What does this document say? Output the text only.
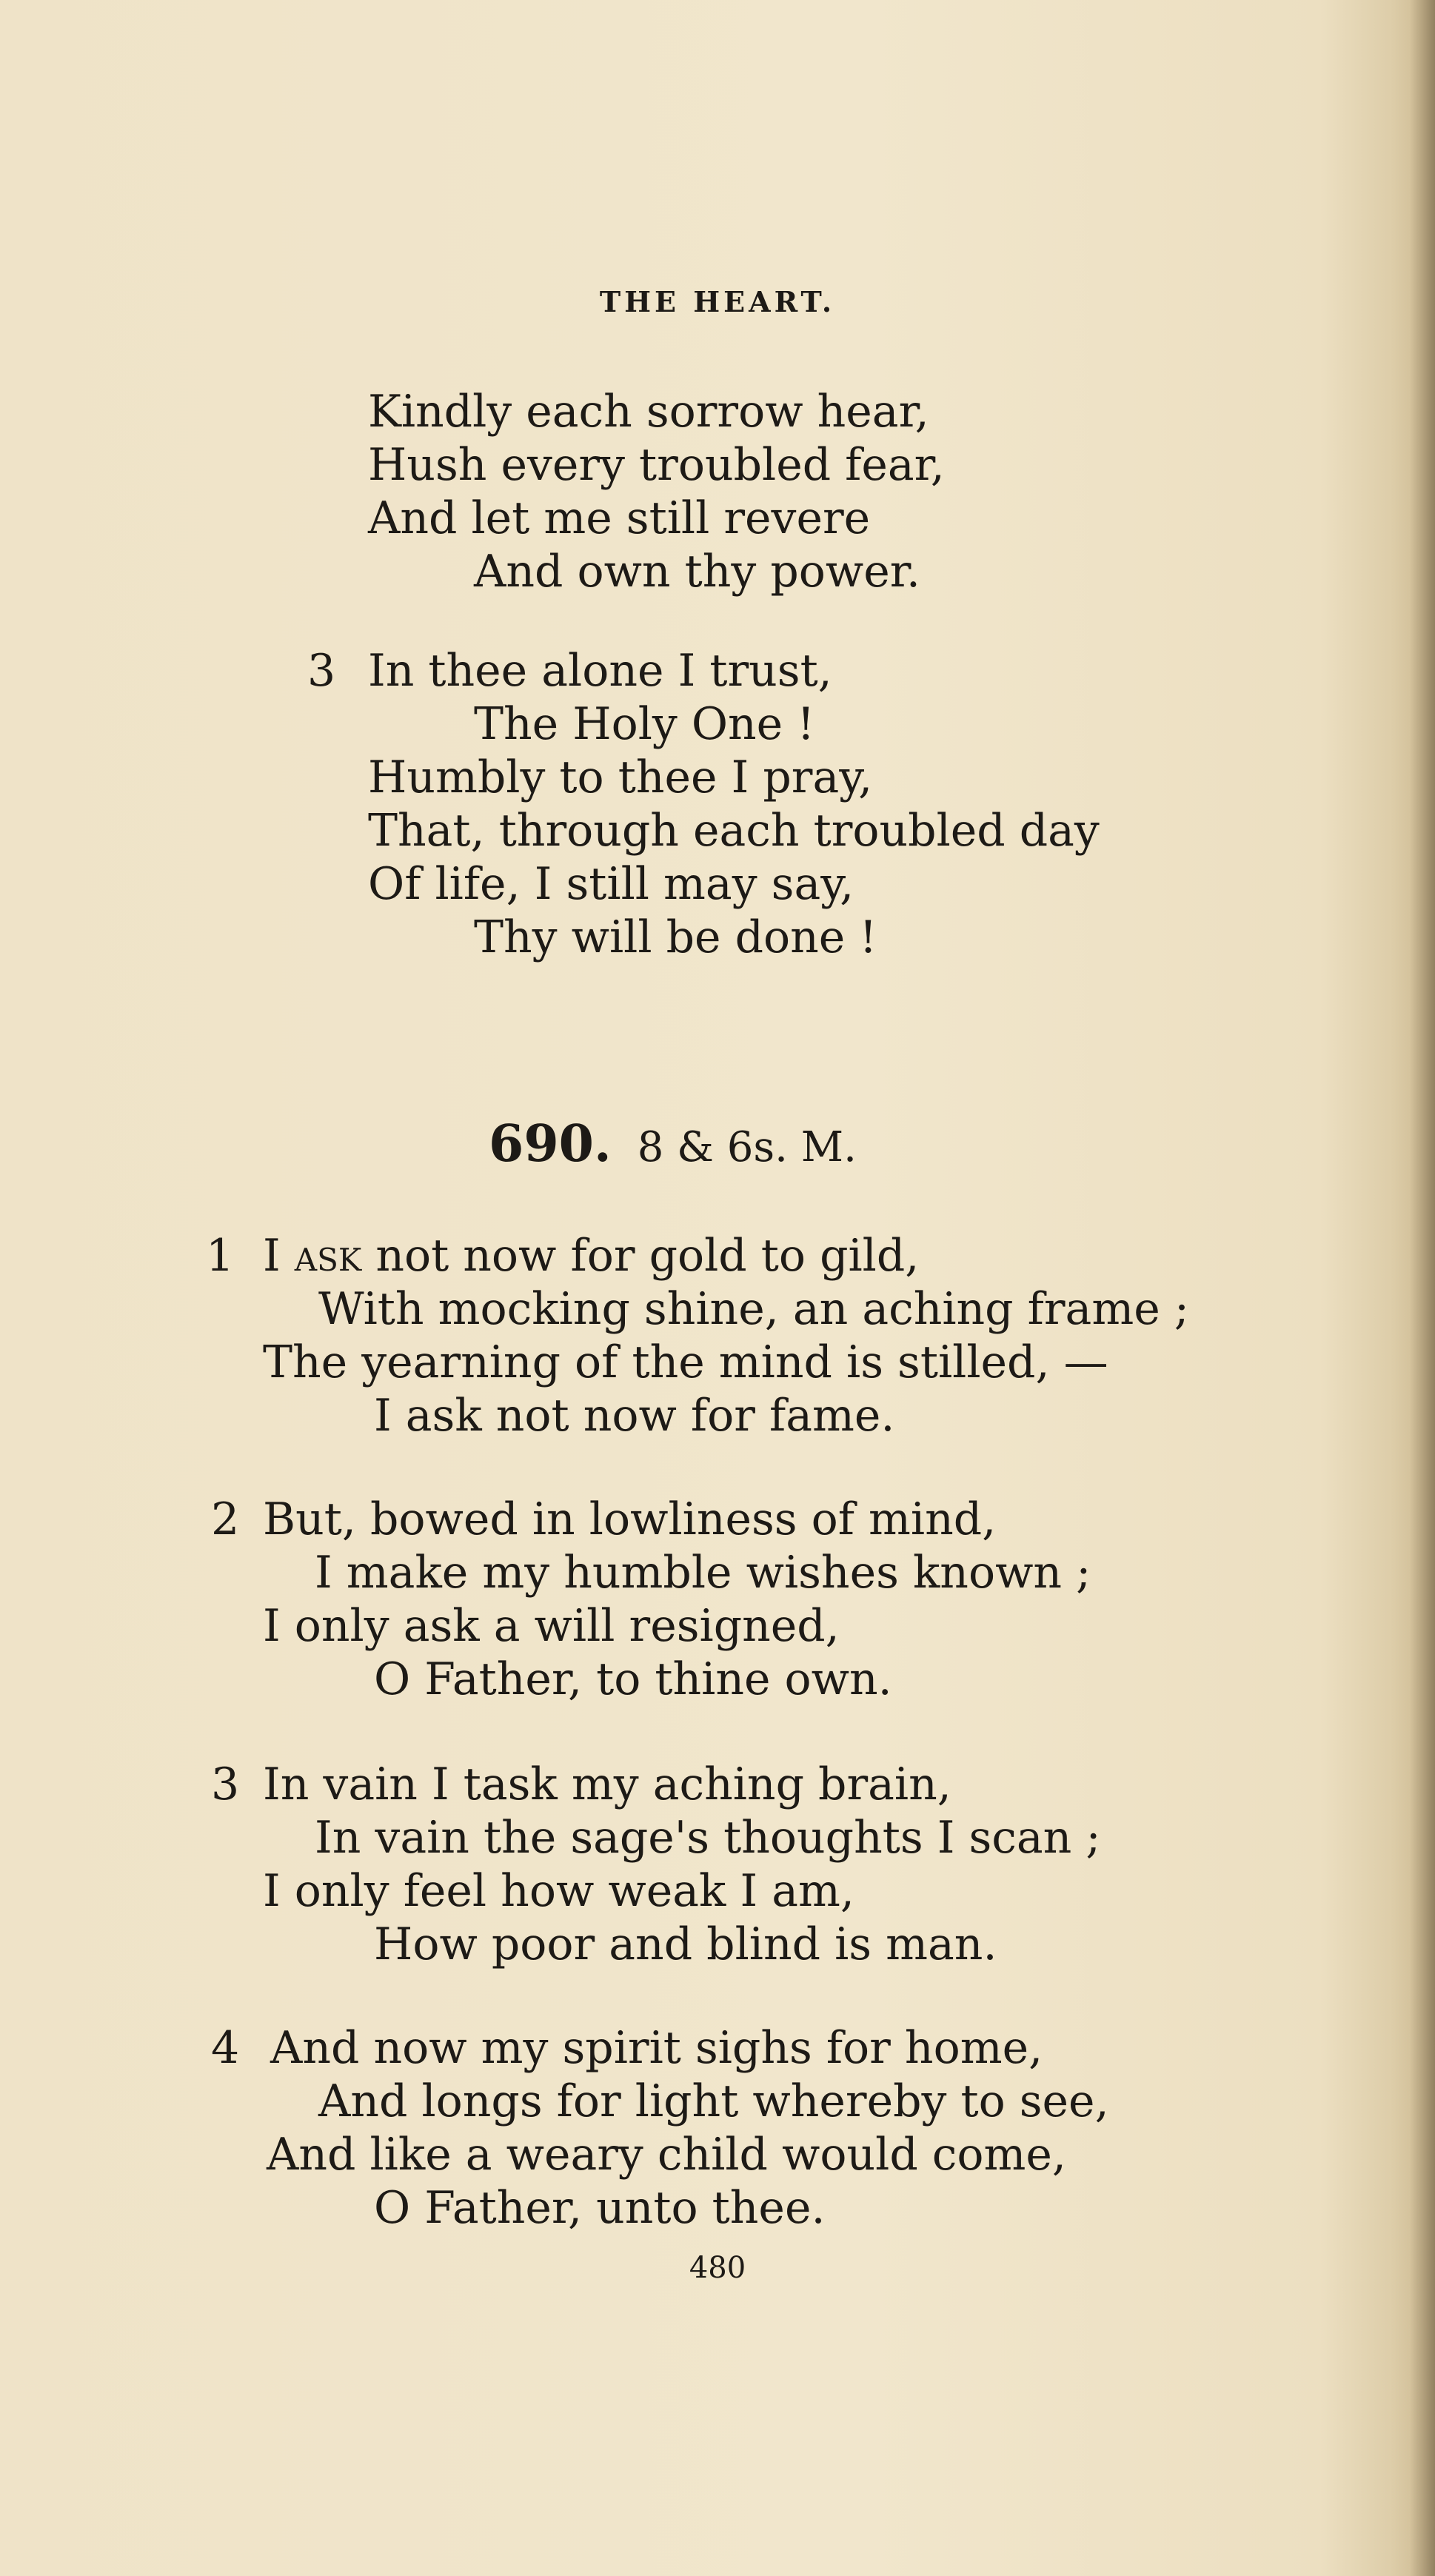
THE HEART.
Kindly each sorrow hear,
Hush every troubled fear,
And let me still revere
And own thy power.
3 In thee alone I trust,
The Holy One !
Humbly to thee I pray,
That, through each troubled day
Of life, I still may say,
Thy will be done !
690. 8 & 6s. M.
1 I ask not now for gold to gild,
With mocking shine, an aching frame ;
The yearning of the mind is stilled, —
I ask not now for fame.
2 But, bowed in lowliness of mind,
I make my humble wishes known ;
I only ask a will resigned,
O Father, to thine own.
3 In vain I task my aching brain,
In vain the sage's thoughts I scan ;
I only feel how weak I am,
How poor and blind is man.
4 And now my spirit sighs for home,
And longs for light whereby to see,
And like a weary child would come,
O Father, unto thee.
480
